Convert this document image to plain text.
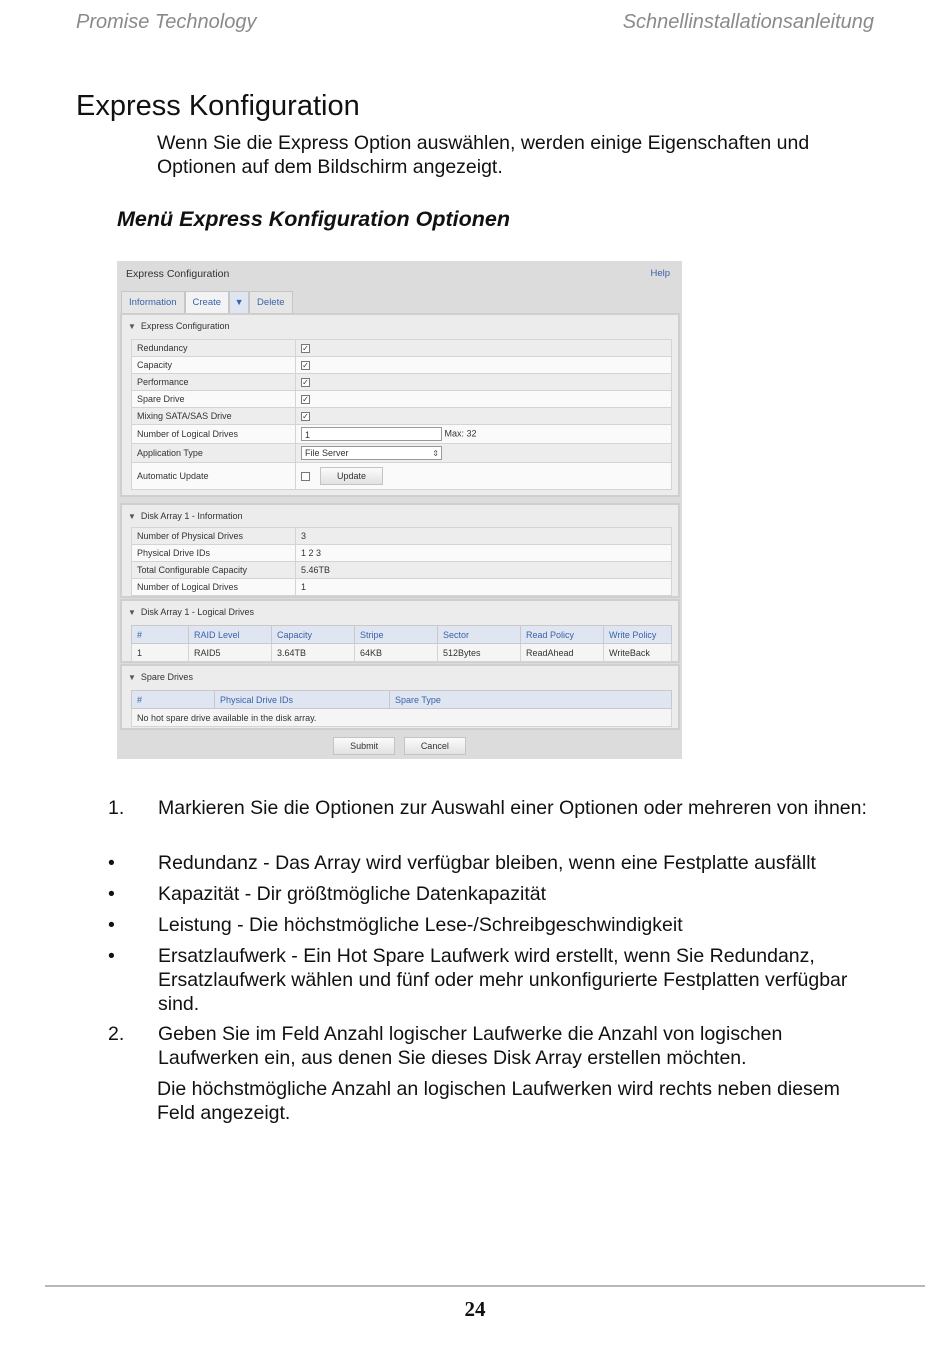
Promise Technology	Schnellinstallationsanleitung
Express Konfiguration

Wenn Sie die Express Option auswählen, werden einige Eigenschaften und Optionen auf dem Bildschirm angezeigt.

Menü Express Konfiguration Optionen

Express Configuration	Help
Information	Create	▼	Delete
▼ Express Configuration
Redundancy	✓
Capacity	✓
Performance	✓
Spare Drive	✓
Mixing SATA/SAS Drive	✓
Number of Logical Drives	1 Max: 32
Application Type	File Server ⇕

Automatic Update	Update
▼ Disk Array 1 - Information
Number of Physical Drives	3
Physical Drive IDs	1 2 3
Total Configurable Capacity	5.46TB
Number of Logical Drives	1
▼ Disk Array 1 - Logical Drives
#	RAID Level	Capacity	Stripe	Sector	Read Policy	Write Policy
1	RAID5	3.64TB	64KB	512Bytes	ReadAhead	WriteBack
▼ Spare Drives
#	Physical Drive IDs	Spare Type
No hot spare drive available in the disk array.
Submit	Cancel
1. Markieren Sie die Optionen zur Auswahl einer Optionen oder mehreren von ihnen:
• Redundanz - Das Array wird verfügbar bleiben, wenn eine Festplatte ausfällt
• Kapazität - Dir größtmögliche Datenkapazität
• Leistung - Die höchstmögliche Lese-/Schreibgeschwindigkeit
• Ersatzlaufwerk - Ein Hot Spare Laufwerk wird erstellt, wenn Sie Redundanz, Ersatzlaufwerk wählen und fünf oder mehr unkonfigurierte Festplatten verfügbar sind.
2. Geben Sie im Feld Anzahl logischer Laufwerke die Anzahl von logischen Laufwerken ein, aus denen Sie dieses Disk Array erstellen möchten.

Die höchstmögliche Anzahl an logischen Laufwerken wird rechts neben diesem Feld angezeigt.

24
